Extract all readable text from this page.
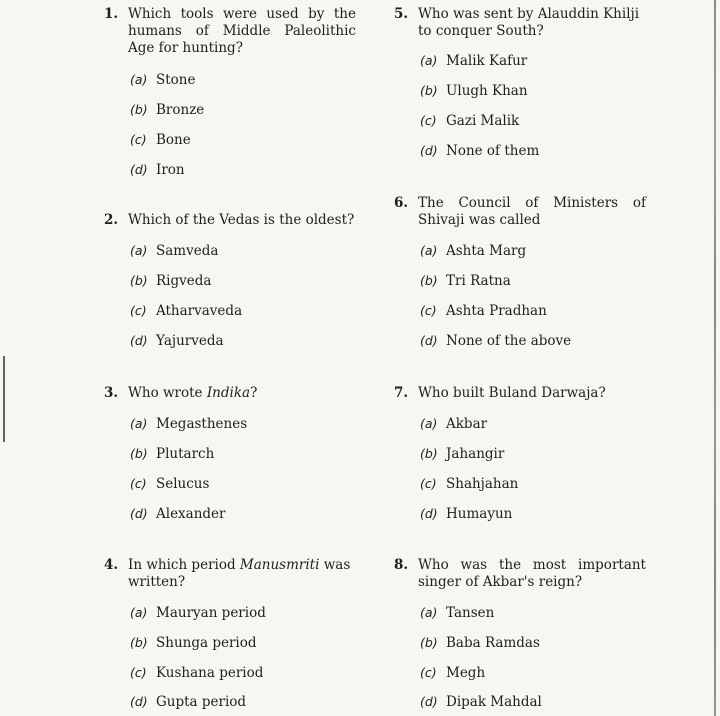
1. Which tools were used by the humans of Middle Paleolithic Age for hunting?
(a) Stone
(b) Bronze
(c) Bone
(d) Iron
2. Which of the Vedas is the oldest?
(a) Samveda
(b) Rigveda
(c) Atharvaveda
(d) Yajurveda
3. Who wrote Indika?
(a) Megasthenes
(b) Plutarch
(c) Selucus
(d) Alexander
4. In which period Manusmriti was written?
(a) Mauryan period
(b) Shunga period
(c) Kushana period
(d) Gupta period
5. Who was sent by Alauddin Khilji to conquer South?
(a) Malik Kafur
(b) Ulugh Khan
(c) Gazi Malik
(d) None of them
6. The Council of Ministers of Shivaji was called
(a) Ashta Marg
(b) Tri Ratna
(c) Ashta Pradhan
(d) None of the above
7. Who built Buland Darwaja?
(a) Akbar
(b) Jahangir
(c) Shahjahan
(d) Humayun
8. Who was the most important singer of Akbar's reign?
(a) Tansen
(b) Baba Ramdas
(c) Megh
(d) Dipak Mahdal
